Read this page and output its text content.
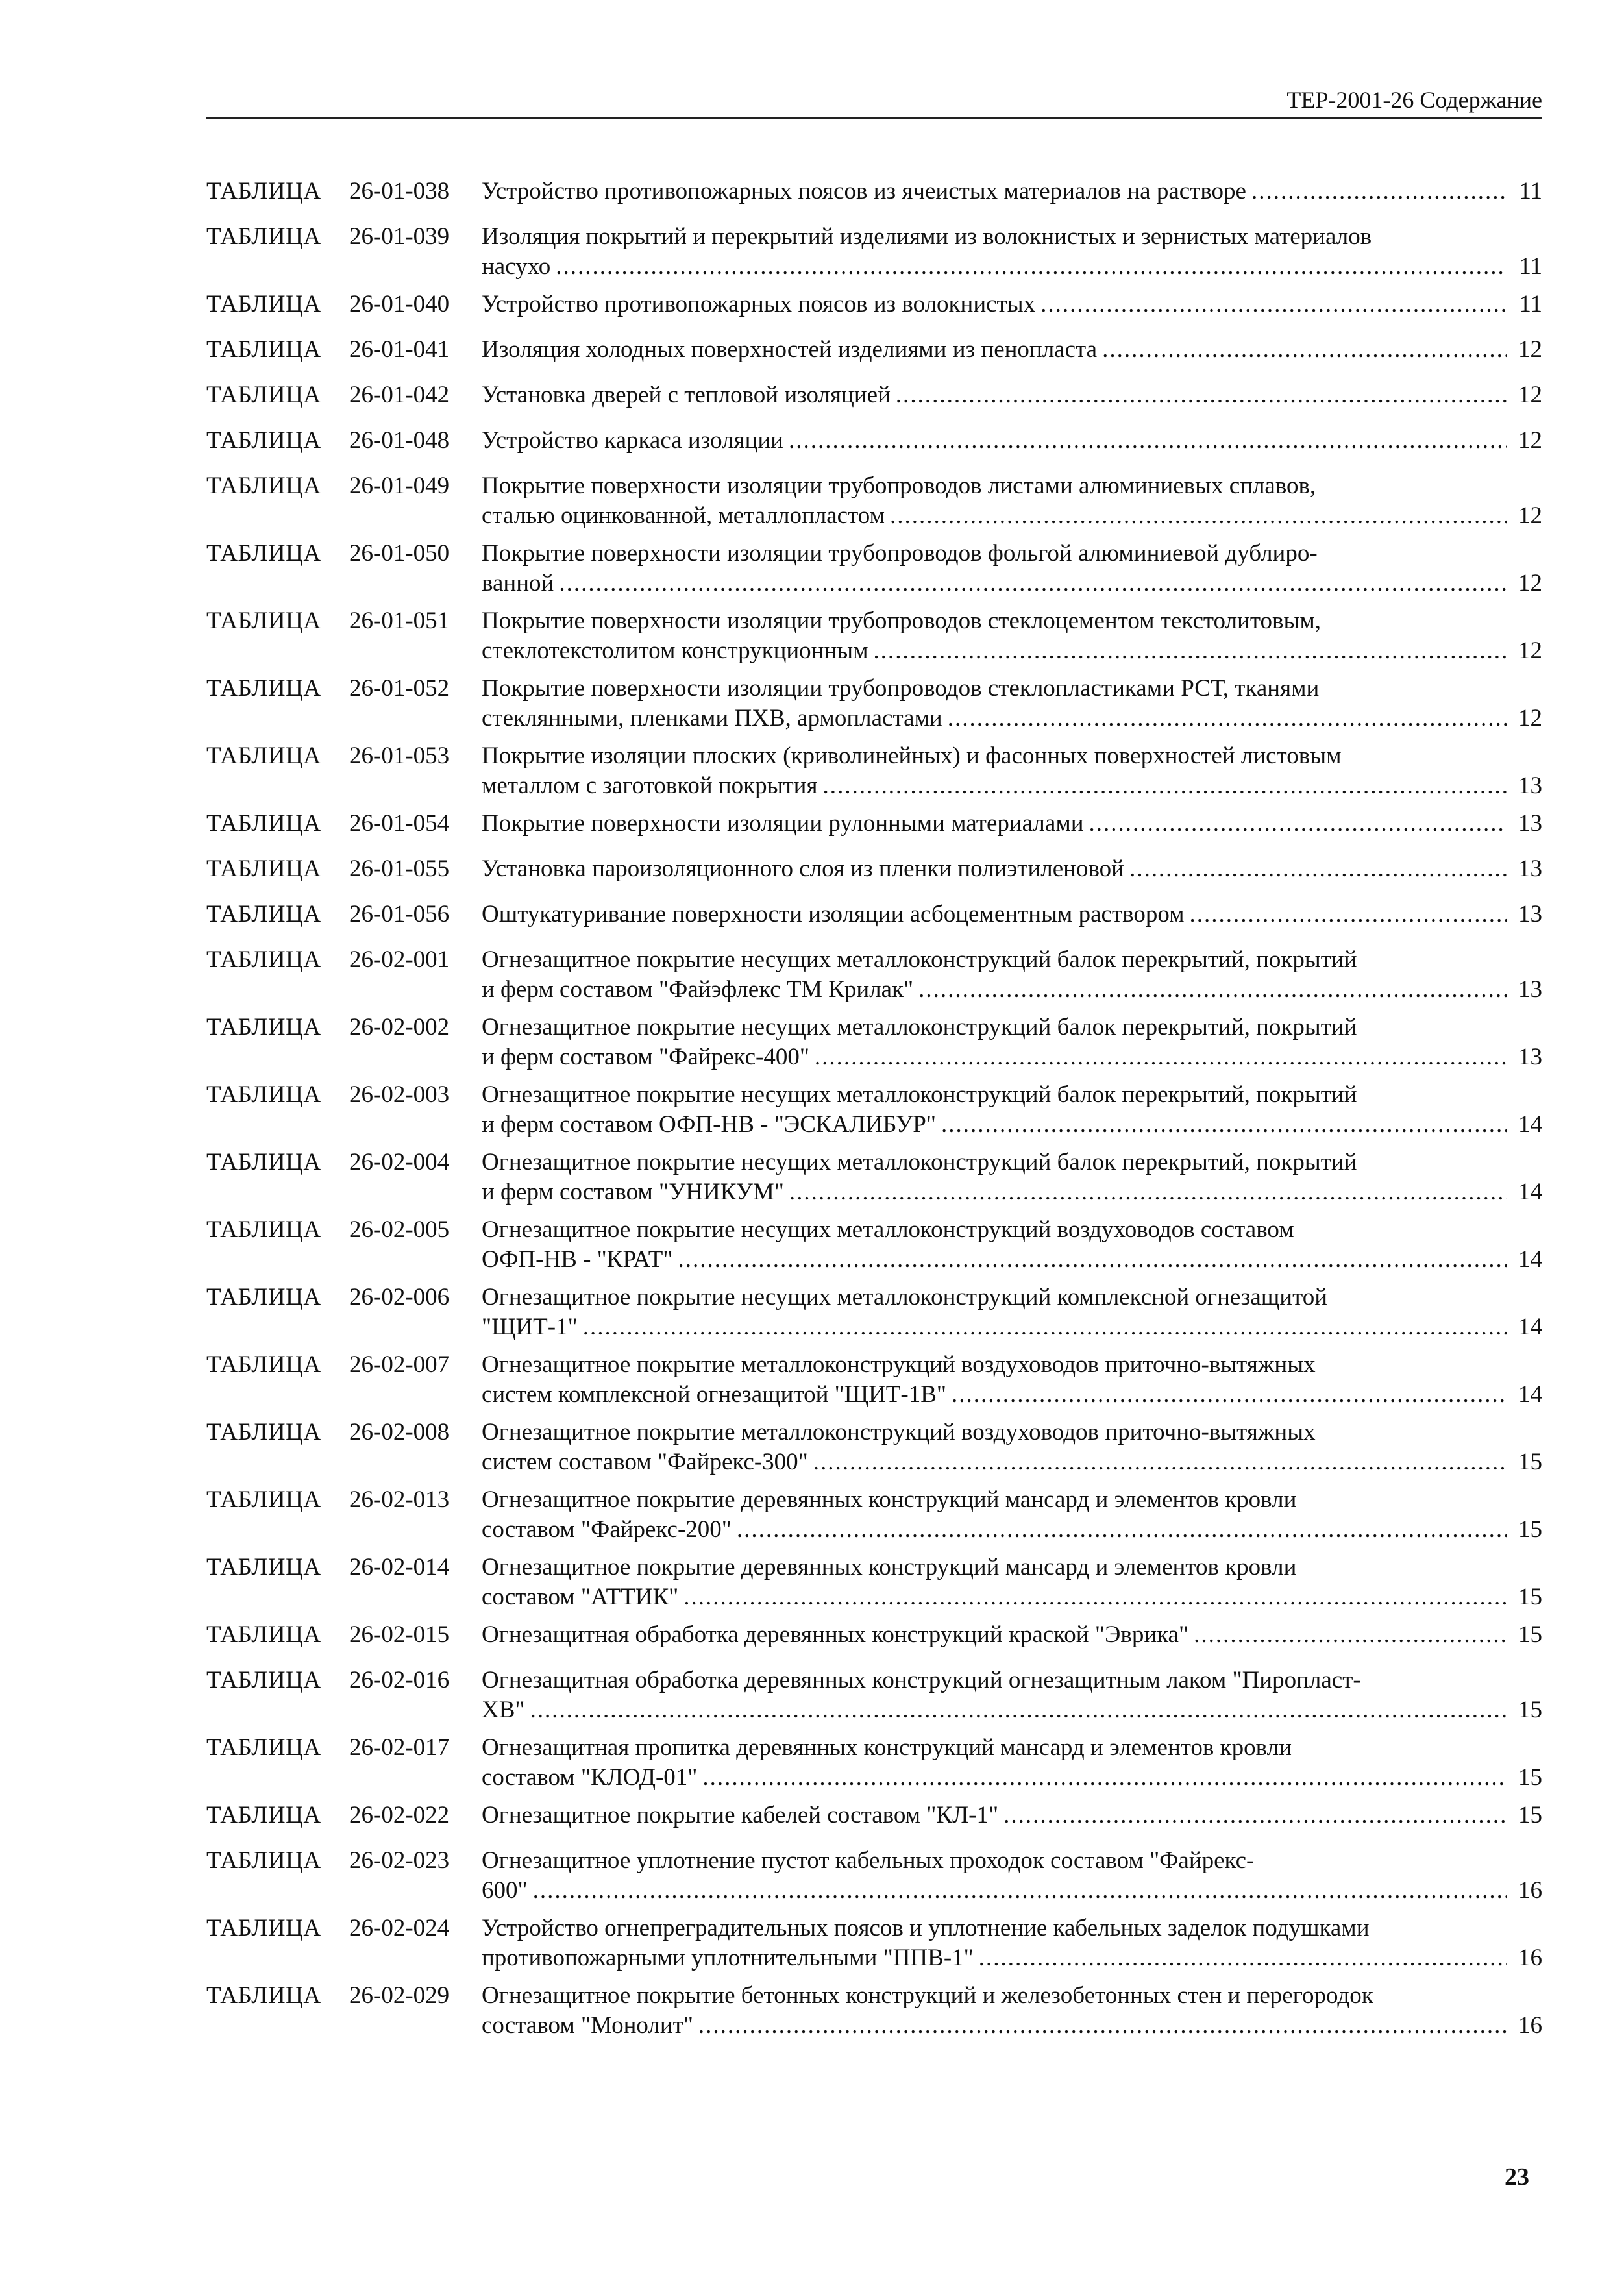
ТЕР-2001-26 Содержание
ТАБЛИЦА	26-01-038	Устройство противопожарных поясов из ячеистых материалов на растворе .....	11
ТАБЛИЦА	26-01-039	Изоляция покрытий и перекрытий изделиями из волокнистых и зернистых материалов
насухо .....	11
ТАБЛИЦА	26-01-040	Устройство противопожарных поясов из волокнистых .....	11
ТАБЛИЦА	26-01-041	Изоляция холодных поверхностей изделиями из пенопласта .....	12
ТАБЛИЦА	26-01-042	Установка дверей с тепловой изоляцией .....	12
ТАБЛИЦА	26-01-048	Устройство каркаса изоляции .....	12
ТАБЛИЦА	26-01-049	Покрытие поверхности изоляции трубопроводов листами алюминиевых сплавов,
сталью оцинкованной, металлопластом .....	12
ТАБЛИЦА	26-01-050	Покрытие поверхности изоляции трубопроводов фольгой алюминиевой дублиро-
ванной .....	12
ТАБЛИЦА	26-01-051	Покрытие поверхности изоляции трубопроводов стеклоцементом текстолитовым,
стеклотекстолитом конструкционным .....	12
ТАБЛИЦА	26-01-052	Покрытие поверхности изоляции трубопроводов стеклопластиками РСТ, тканями
стеклянными, пленками ПХВ, армопластами .....	12
ТАБЛИЦА	26-01-053	Покрытие изоляции плоских (криволинейных) и фасонных поверхностей листовым
металлом с заготовкой покрытия .....	13
ТАБЛИЦА	26-01-054	Покрытие поверхности изоляции рулонными материалами .....	13
ТАБЛИЦА	26-01-055	Установка пароизоляционного слоя из пленки полиэтиленовой .....	13
ТАБЛИЦА	26-01-056	Оштукатуривание поверхности изоляции асбоцементным раствором .....	13
ТАБЛИЦА	26-02-001	Огнезащитное покрытие несущих металлоконструкций балок перекрытий, покрытий
и ферм составом "Файэфлекс ТМ Крилак" .....	13
ТАБЛИЦА	26-02-002	Огнезащитное покрытие несущих металлоконструкций балок перекрытий, покрытий
и ферм составом "Файрекс-400" .....	13
ТАБЛИЦА	26-02-003	Огнезащитное покрытие несущих металлоконструкций балок перекрытий, покрытий
и ферм составом ОФП-НВ - "ЭСКАЛИБУР" .....	14
ТАБЛИЦА	26-02-004	Огнезащитное покрытие несущих металлоконструкций балок перекрытий, покрытий
и ферм составом "УНИКУМ" .....	14
ТАБЛИЦА	26-02-005	Огнезащитное покрытие несущих металлоконструкций воздуховодов составом
ОФП-НВ - "КРАТ" .....	14
ТАБЛИЦА	26-02-006	Огнезащитное покрытие несущих металлоконструкций комплексной огнезащитой
"ЩИТ-1" .....	14
ТАБЛИЦА	26-02-007	Огнезащитное покрытие металлоконструкций воздуховодов приточно-вытяжных
систем комплексной огнезащитой "ЩИТ-1В" .....	14
ТАБЛИЦА	26-02-008	Огнезащитное покрытие металлоконструкций воздуховодов приточно-вытяжных
систем составом "Файрекс-300" .....	15
ТАБЛИЦА	26-02-013	Огнезащитное покрытие деревянных конструкций мансард и элементов кровли
составом "Файрекс-200" .....	15
ТАБЛИЦА	26-02-014	Огнезащитное покрытие деревянных конструкций мансард и элементов кровли
составом "АТТИК" .....	15
ТАБЛИЦА	26-02-015	Огнезащитная обработка деревянных конструкций краской "Эврика" .....	15
ТАБЛИЦА	26-02-016	Огнезащитная обработка деревянных конструкций огнезащитным лаком "Пиропласт-
ХВ" .....	15
ТАБЛИЦА	26-02-017	Огнезащитная пропитка деревянных конструкций мансард и элементов кровли
составом "КЛОД-01" .....	15
ТАБЛИЦА	26-02-022	Огнезащитное покрытие кабелей составом "КЛ-1" .....	15
ТАБЛИЦА	26-02-023	Огнезащитное уплотнение пустот кабельных проходок составом "Файрекс-
600" .....	16
ТАБЛИЦА	26-02-024	Устройство огнепреградительных поясов и уплотнение кабельных заделок подушками
противопожарными уплотнительными "ППВ-1" .....	16
ТАБЛИЦА	26-02-029	Огнезащитное покрытие бетонных конструкций и железобетонных стен и перегородок
составом "Монолит" .....	16
23
